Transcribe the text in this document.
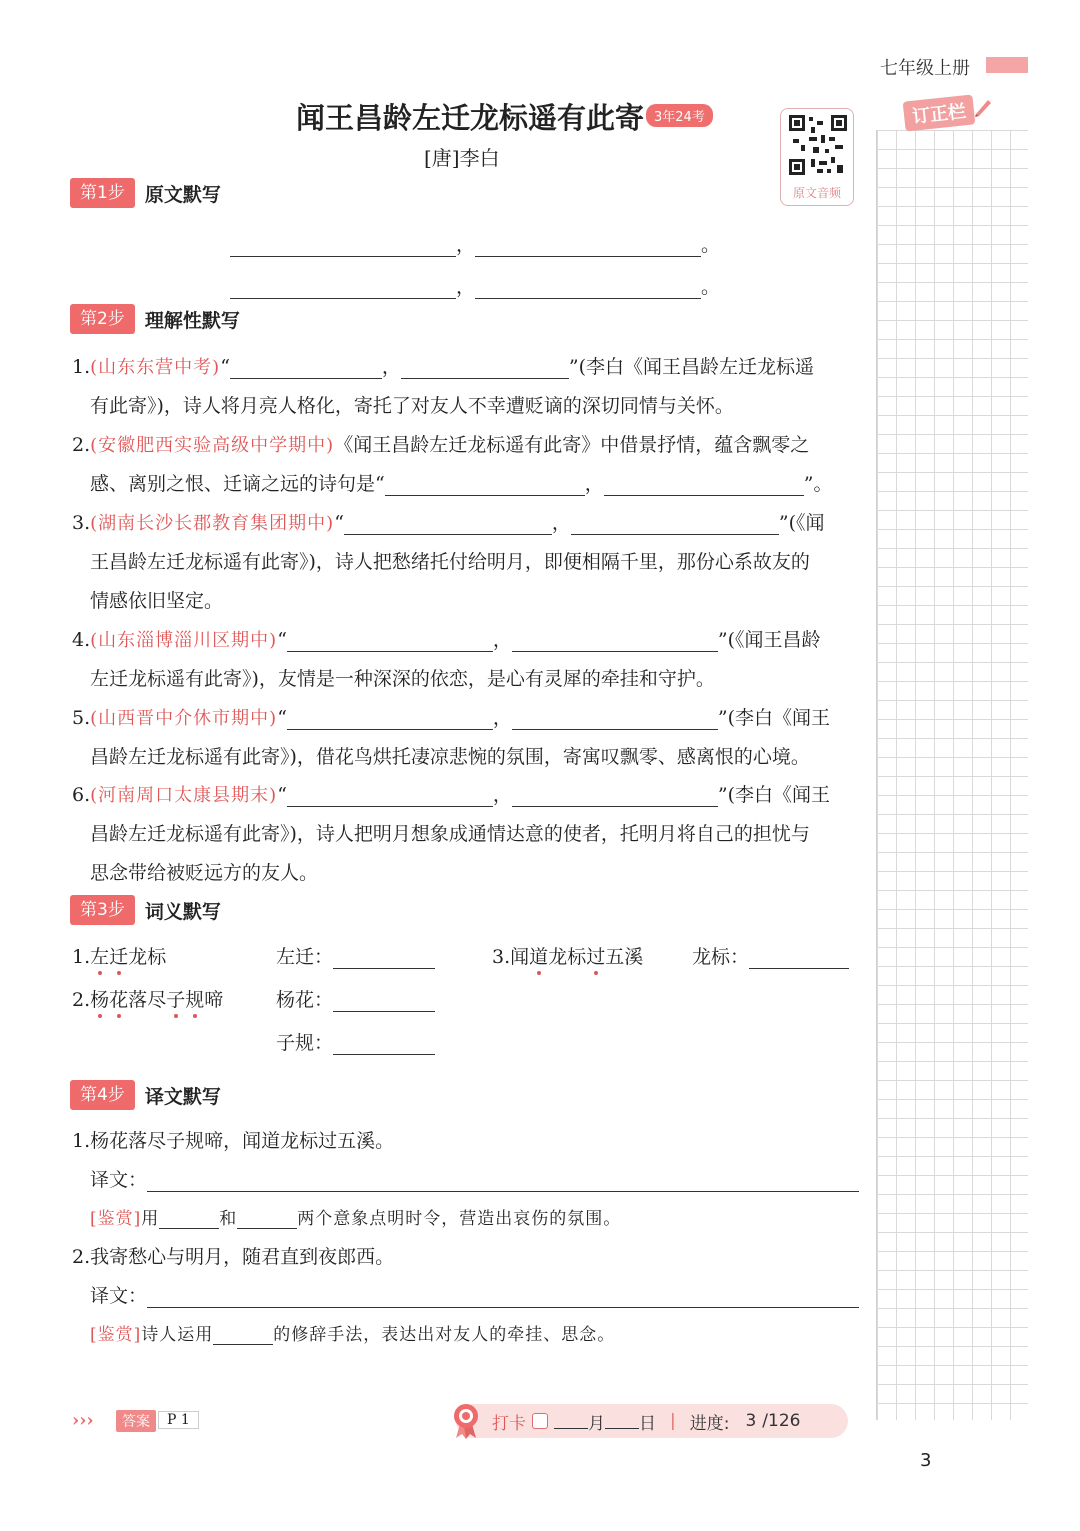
七年级上册
订正栏
闻王昌龄左迁龙标遥有此寄 3年24考
[唐]李白
原文音频
第1步	原文默写
，	。
，	。
第2步	理解性默写
1.(山东东营中考)“	，	”(李白《闻王昌龄左迁龙标遥
有此寄》)，诗人将月亮人格化，寄托了对友人不幸遭贬谪的深切同情与关怀。
2.(安徽肥西实验高级中学期中)《闻王昌龄左迁龙标遥有此寄》中借景抒情，蕴含飘零之
感、离别之恨、迁谪之远的诗句是“	，	”。
3.(湖南长沙长郡教育集团期中)“	，	”(《闻
王昌龄左迁龙标遥有此寄》)，诗人把愁绪托付给明月，即便相隔千里，那份心系故友的
情感依旧坚定。
4.(山东淄博淄川区期中)“	，	”(《闻王昌龄
左迁龙标遥有此寄》)，友情是一种深深的依恋，是心有灵犀的牵挂和守护。
5.(山西晋中介休市期中)“	，	”(李白《闻王
昌龄左迁龙标遥有此寄》)，借花鸟烘托凄凉悲惋的氛围，寄寓叹飘零、感离恨的心境。
6.(河南周口太康县期末)“	，	”(李白《闻王
昌龄左迁龙标遥有此寄》)，诗人把明月想象成通情达意的使者，托明月将自己的担忧与
思念带给被贬远方的友人。
第3步	词义默写
1.左迁龙标	左迁：	3.闻道龙标过五溪	龙标：
2.杨花落尽子规啼	杨花：
子规：
第4步	译文默写
1.杨花落尽子规啼，闻道龙标过五溪。
译文：
[鉴赏]用	和	两个意象点明时令，营造出哀伤的氛围。
2.我寄愁心与明月，随君直到夜郎西。
译文：
[鉴赏]诗人运用	的修辞手法，表达出对友人的牵挂、思念。
›››	答案	P 1	打卡	月 日 | 进度: 3 /126
3
